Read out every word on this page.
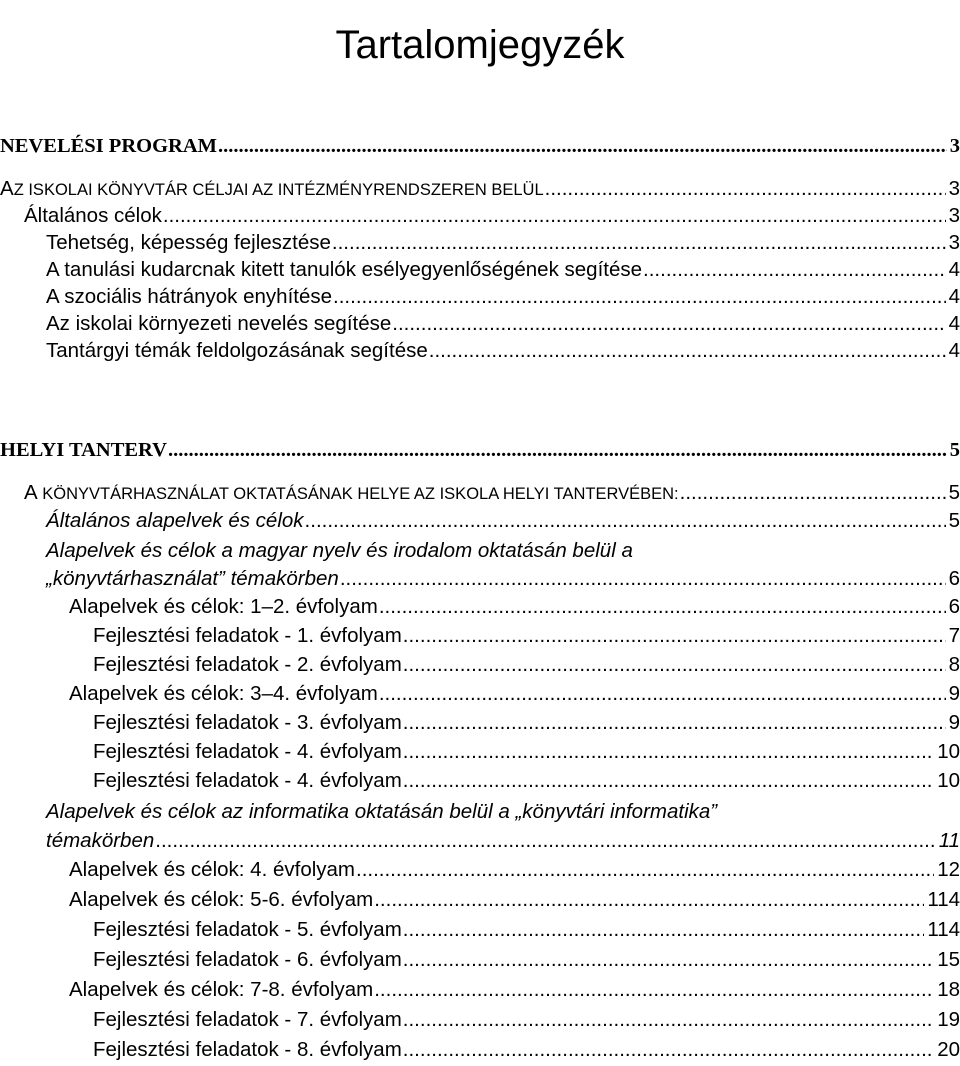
Tartalomjegyzék
NEVELÉSI PROGRAM .....	3
AZ ISKOLAI KÖNYVTÁR CÉLJAI AZ INTÉZMÉNYRENDSZEREN BELÜL .....	3
Általános célok .....	3
Tehetség, képesség fejlesztése .....	3
A tanulási kudarcnak kitett tanulók esélyegyenlőségének segítése .....	4
A szociális hátrányok enyhítése .....	4
Az iskolai környezeti nevelés segítése .....	4
Tantárgyi témák feldolgozásának segítése .....	4
HELYI TANTERV .....	5
A KÖNYVTÁRHASZNÁLAT OKTATÁSÁNAK HELYE AZ ISKOLA HELYI TANTERVÉBEN: .....	5
Általános alapelvek és célok .....	5
Alapelvek és célok a magyar nyelv és irodalom oktatásán belül a
„könyvtárhasználat” témakörben .....	6
Alapelvek és célok: 1–2. évfolyam .....	6
Fejlesztési feladatok - 1. évfolyam .....	7
Fejlesztési feladatok - 2. évfolyam .....	8
Alapelvek és célok: 3–4. évfolyam .....	9
Fejlesztési feladatok - 3. évfolyam .....	9
Fejlesztési feladatok - 4. évfolyam .....	10
Fejlesztési feladatok - 4. évfolyam .....	10
Alapelvek és célok az informatika oktatásán belül a „könyvtári informatika”
témakörben .....	11
Alapelvek és célok: 4. évfolyam .....	12
Alapelvek és célok: 5-6. évfolyam .....	114
Fejlesztési feladatok - 5. évfolyam .....	114
Fejlesztési feladatok - 6. évfolyam .....	15
Alapelvek és célok: 7-8. évfolyam .....	18
Fejlesztési feladatok - 7. évfolyam .....	19
Fejlesztési feladatok - 8. évfolyam .....	20
